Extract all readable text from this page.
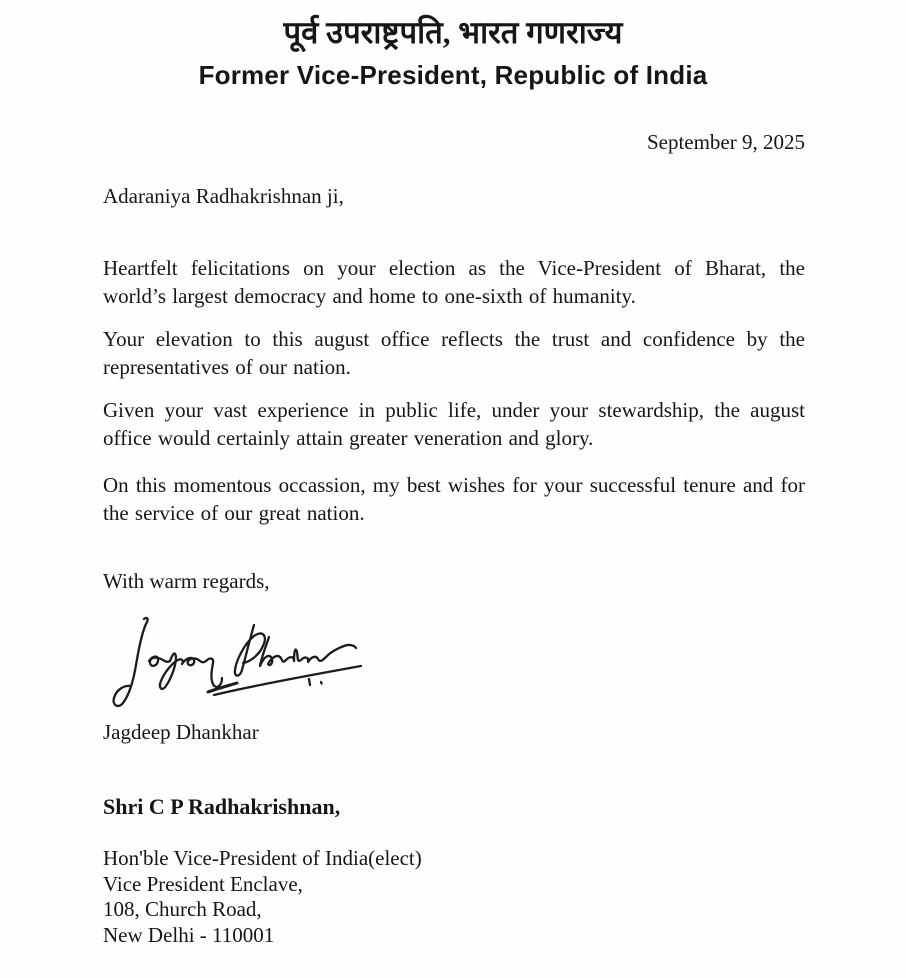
पूर्व उपराष्ट्रपति, भारत गणराज्य
Former Vice-President, Republic of India
September 9, 2025

Adaraniya Radhakrishnan ji,

Heartfelt felicitations on your election as the Vice-President of Bharat, the world’s largest democracy and home to one-sixth of humanity.

Your elevation to this august office reflects the trust and confidence by the representatives of our nation.

Given your vast experience in public life, under your stewardship, the august office would certainly attain greater veneration and glory.

On this momentous occassion, my best wishes for your successful tenure and for the service of our great nation.

With warm regards,

Jagdeep Dhankhar

Shri C P Radhakrishnan,

Hon'ble Vice-President of India(elect)

Vice President Enclave,

108, Church Road,

New Delhi - 110001
